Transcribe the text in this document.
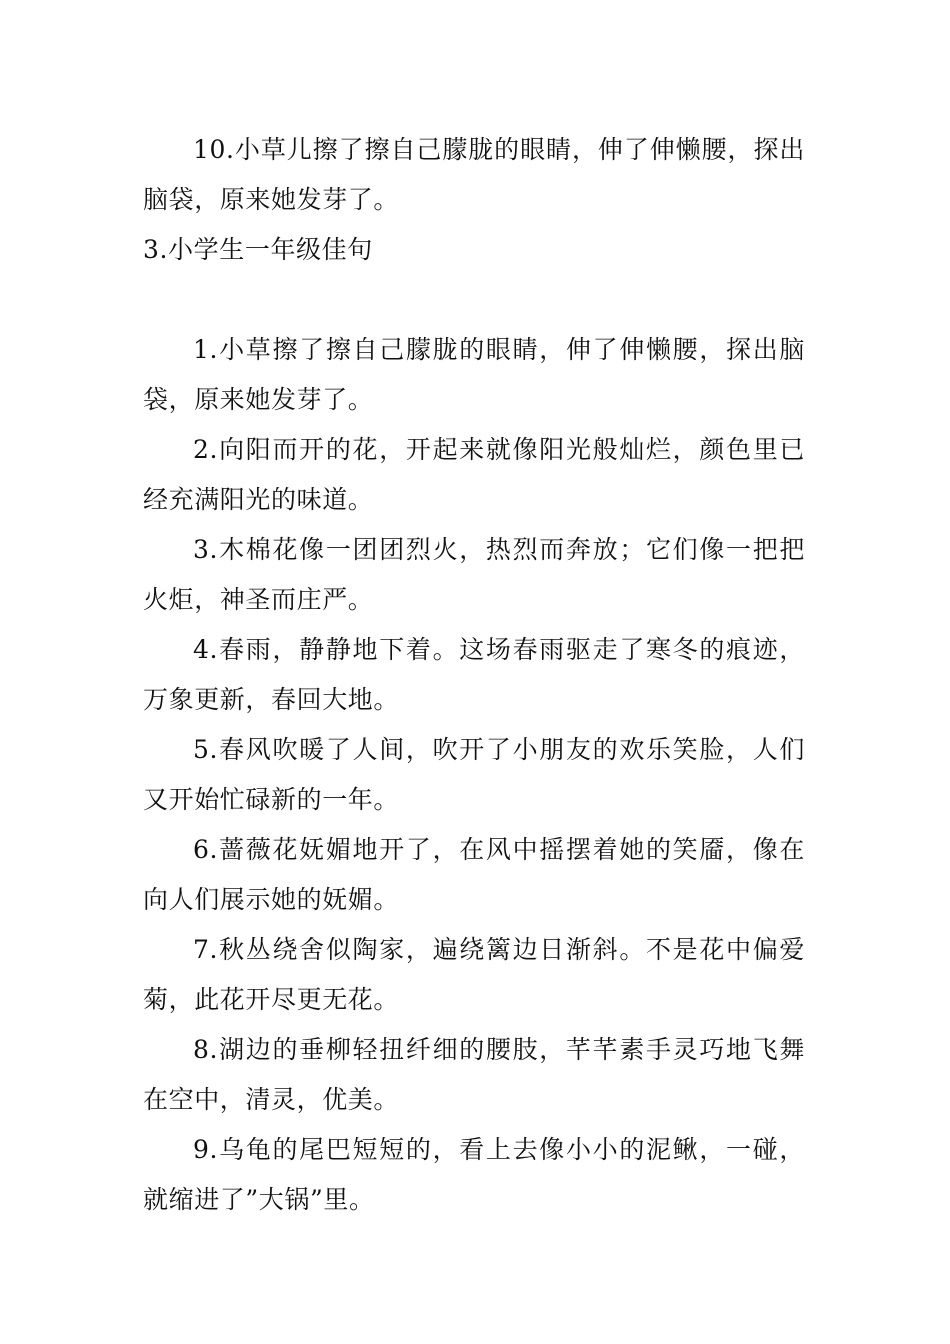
10.小草儿擦了擦自己朦胧的眼睛，伸了伸懒腰，探出脑袋，原来她发芽了。

3.小学生一年级佳句

1.小草擦了擦自己朦胧的眼睛，伸了伸懒腰，探出脑袋，原来她发芽了。

2.向阳而开的花，开起来就像阳光般灿烂，颜色里已经充满阳光的味道。

3.木棉花像一团团烈火，热烈而奔放；它们像一把把火炬，神圣而庄严。

4.春雨，静静地下着。这场春雨驱走了寒冬的痕迹，万象更新，春回大地。

5.春风吹暖了人间，吹开了小朋友的欢乐笑脸，人们又开始忙碌新的一年。

6.蔷薇花妩媚地开了，在风中摇摆着她的笑靥，像在向人们展示她的妩媚。

7.秋丛绕舍似陶家，遍绕篱边日渐斜。不是花中偏爱菊，此花开尽更无花。

8.湖边的垂柳轻扭纤细的腰肢，芊芊素手灵巧地飞舞在空中，清灵，优美。

9.乌龟的尾巴短短的，看上去像小小的泥鳅，一碰，就缩进了”大锅”里。
